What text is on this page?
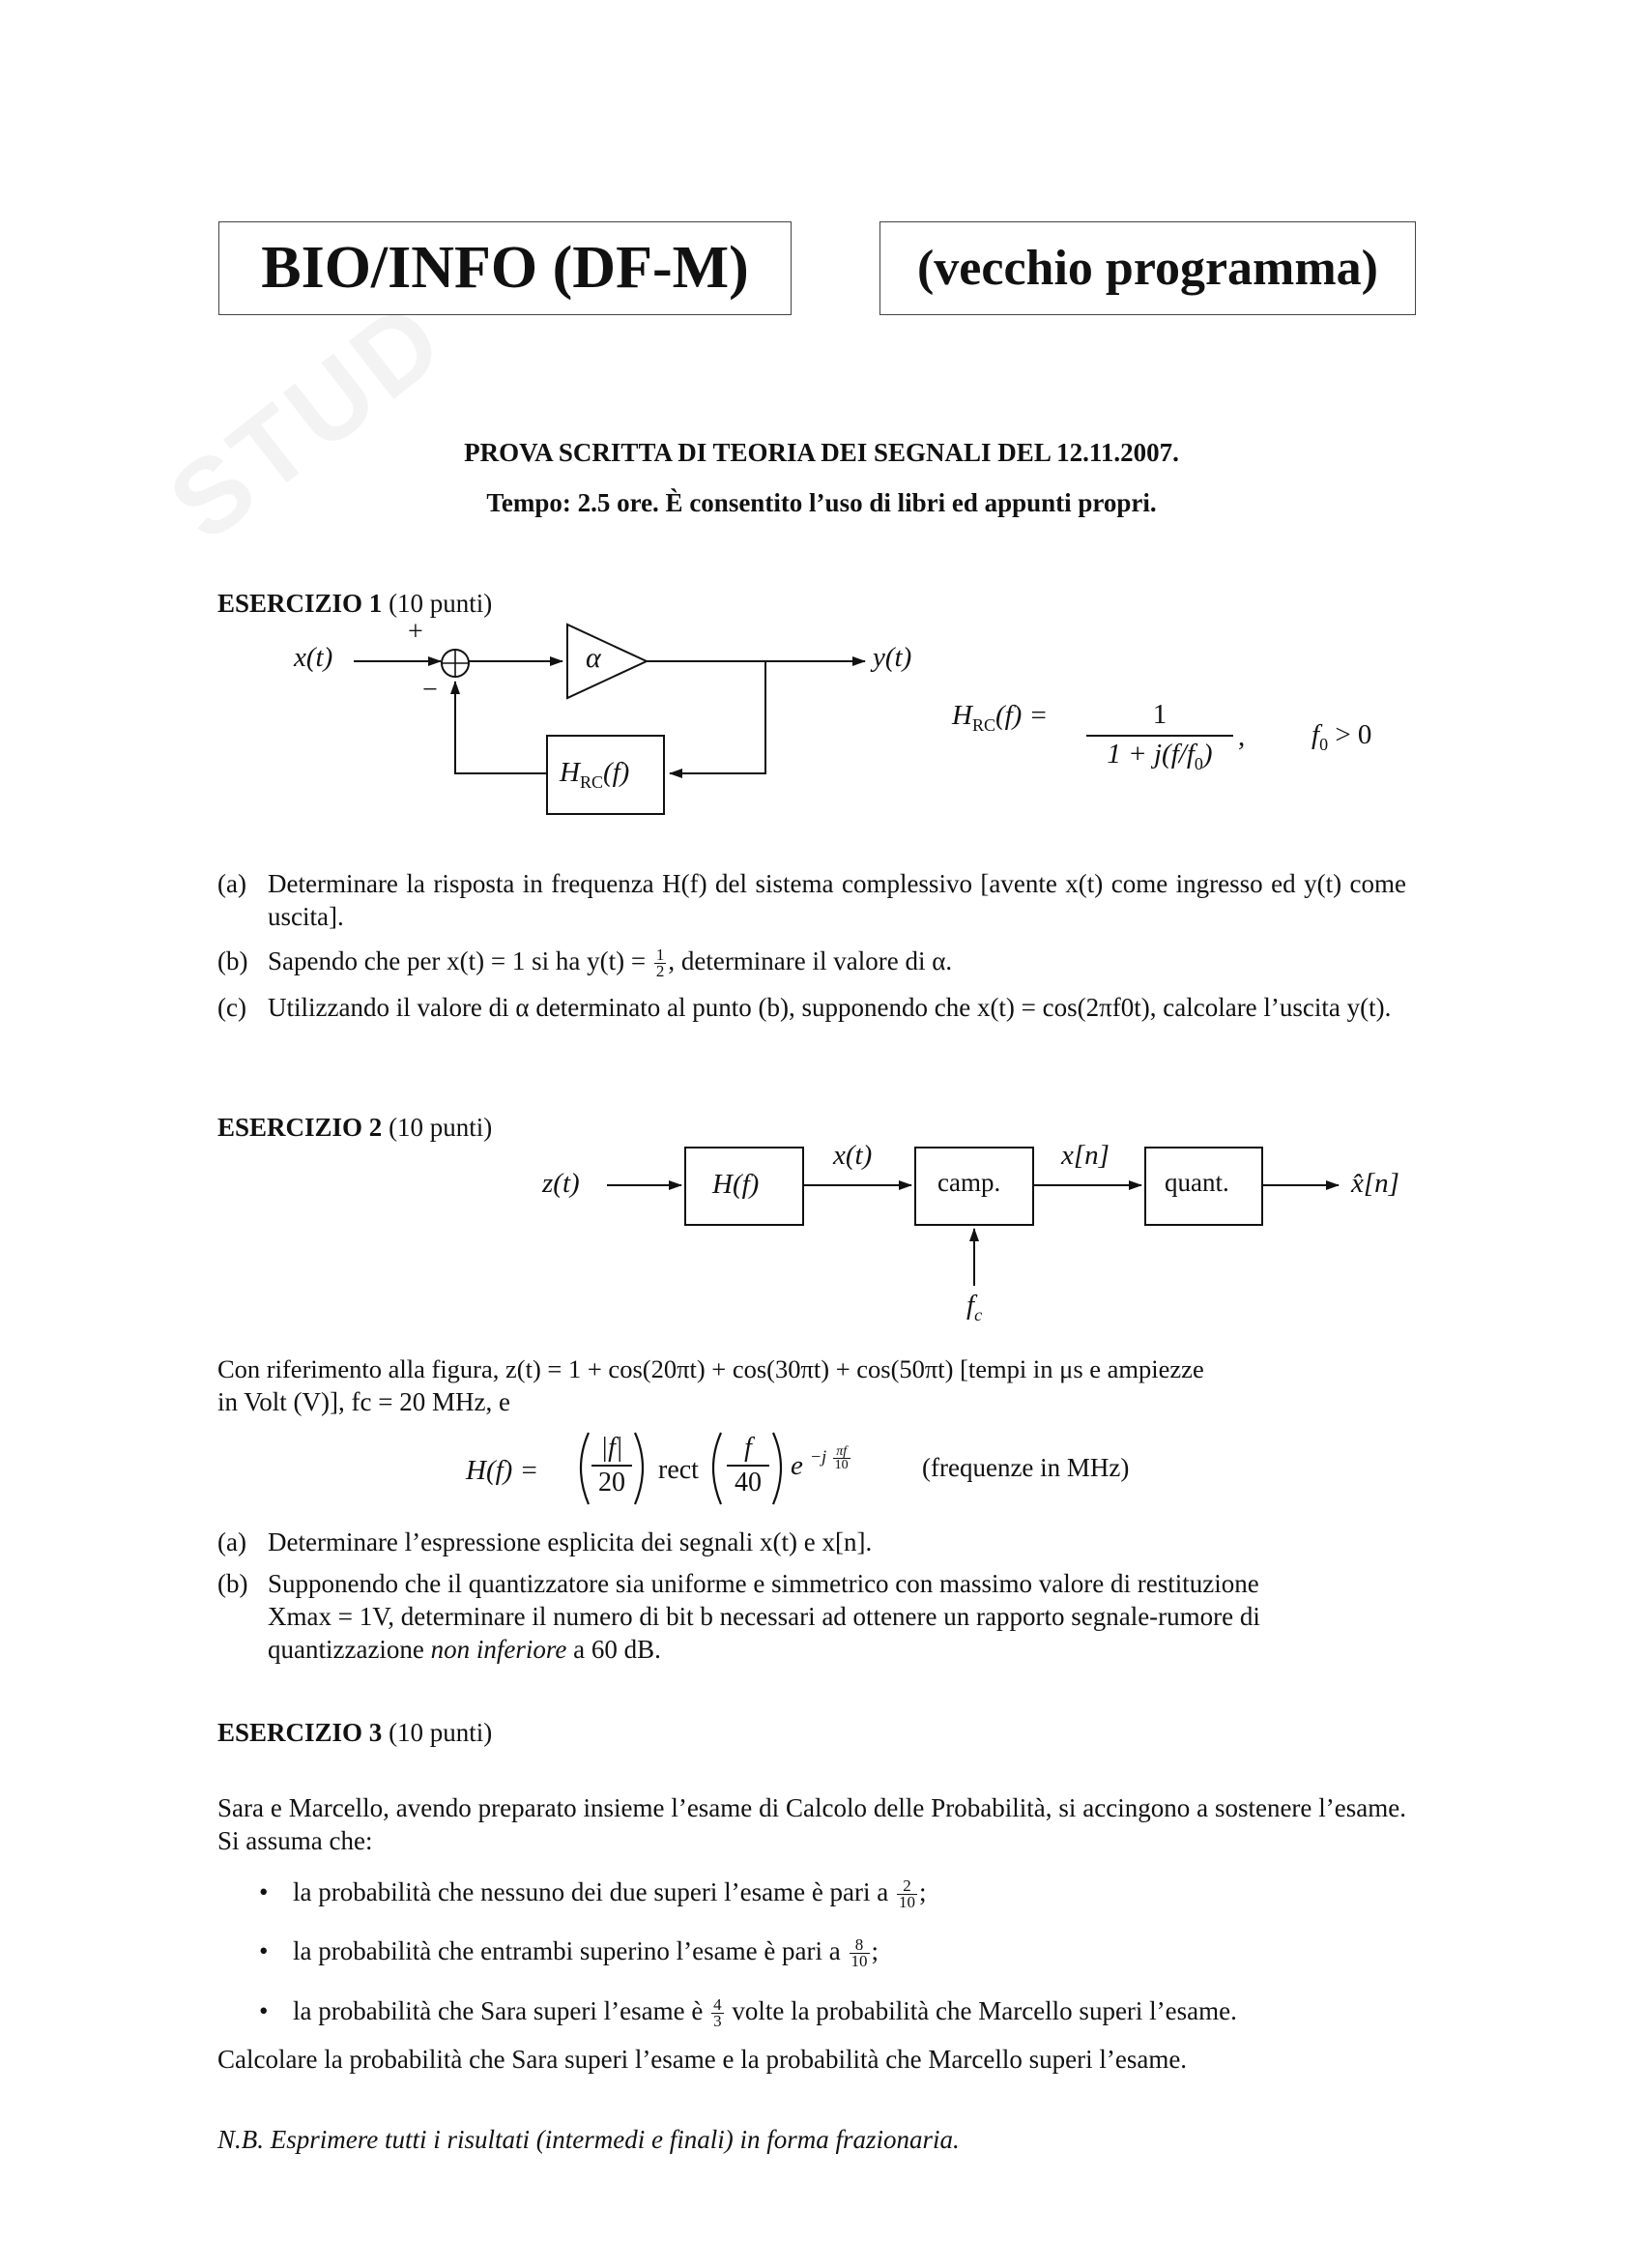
STUD
BIO/INFO (DF-M)	(vecchio programma)
PROVA SCRITTA DI TEORIA DEI SEGNALI DEL 12.11.2007.
Tempo: 2.5 ore. È consentito l’uso di libri ed appunti propri.
ESERCIZIO 1 (10 punti)
x(t)
+
−
α	y(t)
$H_{RC}(f)$
$H_{RC}(f) = \frac{1}{1 + j(f/f_0)}$ , $f_0 > 0$
(a) Determinare la risposta in frequenza H(f) del sistema complessivo [avente x(t) come ingresso ed y(t) come uscita].
(b) Sapendo che per x(t) = 1 si ha $y(t) = \frac{1}{2}$ , determinare il valore di α.
(c) Utilizzando il valore di α determinato al punto (b), supponendo che x(t) = cos(2πf0t), calcolare l’uscita y(t).
ESERCIZIO 2 (10 punti)
z(t)	H(f)
x(t)
camp.
x[n]
quant.	x̂[n]
$f_c$
Con riferimento alla figura, z(t) = 1 + cos(20πt) + cos(30πt) + cos(50πt) [tempi in μs e ampiezze
in Volt (V)], fc = 20 MHz, e
$H(f) = \frac{|f|}{20}$ rect $\frac{f}{40}$ $e -j \frac{\pi f}{10}$	(frequenze in MHz)
(a) Determinare l’espressione esplicita dei segnali x(t) e x[n].
(b) Supponendo che il quantizzatore sia uniforme e simmetrico con massimo valore di restituzione
Xmax = 1V, determinare il numero di bit b necessari ad ottenere un rapporto segnale-rumore di
quantizzazione non inferiore a 60 dB.
ESERCIZIO 3 (10 punti)
Sara e Marcello, avendo preparato insieme l’esame di Calcolo delle Probabilità, si accingono a sostenere l’esame. Si assuma che:
• la probabilità che nessuno dei due superi l’esame è pari a $\frac{2}{10}$ ;
• la probabilità che entrambi superino l’esame è pari a $\frac{8}{10}$ ;
• la probabilità che Sara superi l’esame è $\frac{4}{3}$ volte la probabilità che Marcello superi l’esame.
Calcolare la probabilità che Sara superi l’esame e la probabilità che Marcello superi l’esame.
N.B. Esprimere tutti i risultati (intermedi e finali) in forma frazionaria.
